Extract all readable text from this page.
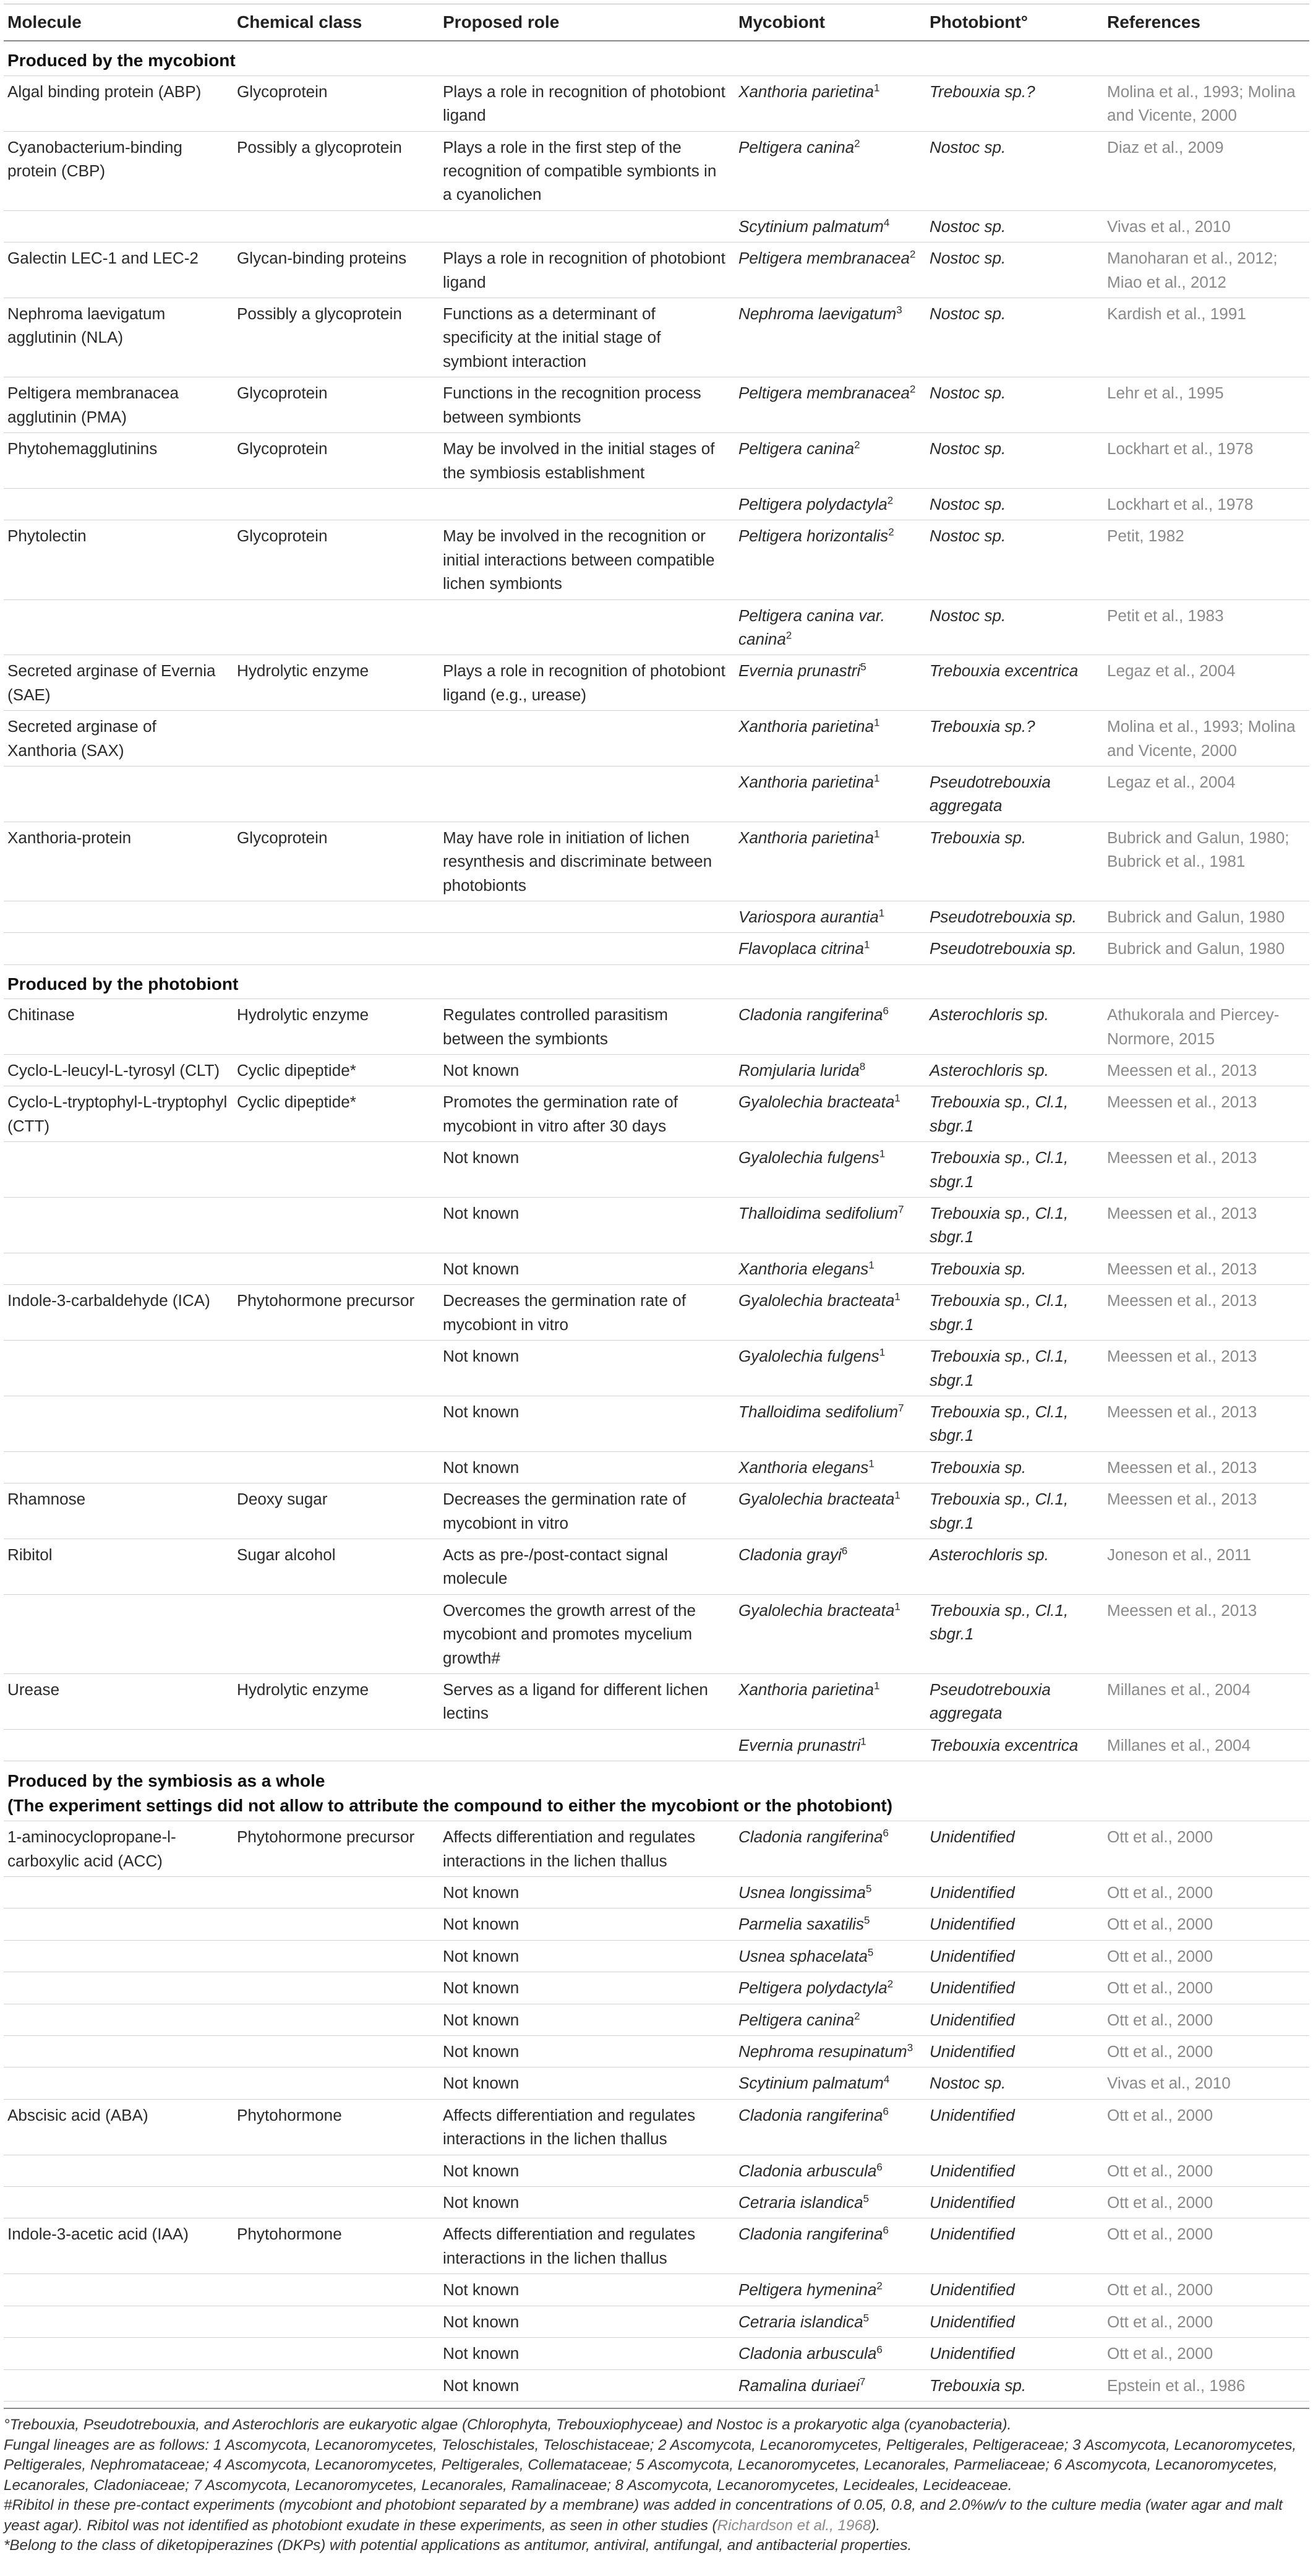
Molecule	Chemical class	Proposed role	Mycobiont	Photobiont°	References
Produced by the mycobiont					
Algal binding protein (ABP)	Glycoprotein	Plays a role in recognition of photobiont ligand	Xanthoria parietina$^1$	Trebouxia sp.?	Molina et al., 1993; Molina and Vicente, 2000
Cyanobacterium-binding protein (CBP)	Possibly a glycoprotein	Plays a role in the first step of the recognition of compatible symbionts in a cyanolichen	Peltigera canina$^2$	Nostoc sp.	Diaz et al., 2009
			Scytinium palmatum$^4$	Nostoc sp.	Vivas et al., 2010
Galectin LEC-1 and LEC-2	Glycan-binding proteins	Plays a role in recognition of photobiont ligand	Peltigera membranacea$^2$	Nostoc sp.	Manoharan et al., 2012; Miao et al., 2012
Nephroma laevigatum agglutinin (NLA)	Possibly a glycoprotein	Functions as a determinant of specificity at the initial stage of symbiont interaction	Nephroma laevigatum$^3$	Nostoc sp.	Kardish et al., 1991
Peltigera membranacea agglutinin (PMA)	Glycoprotein	Functions in the recognition process between symbionts	Peltigera membranacea$^2$	Nostoc sp.	Lehr et al., 1995
Phytohemagglutinins	Glycoprotein	May be involved in the initial stages of the symbiosis establishment	Peltigera canina$^2$	Nostoc sp.	Lockhart et al., 1978
			Peltigera polydactyla$^2$	Nostoc sp.	Lockhart et al., 1978
Phytolectin	Glycoprotein	May be involved in the recognition or initial interactions between compatible lichen symbionts	Peltigera horizontalis$^2$	Nostoc sp.	Petit, 1982
			Peltigera canina var. canina$^2$	Nostoc sp.	Petit et al., 1983
Secreted arginase of Evernia (SAE)	Hydrolytic enzyme	Plays a role in recognition of photobiont ligand (e.g., urease)	Evernia prunastri$^5$	Trebouxia excentrica	Legaz et al., 2004
Secreted arginase of Xanthoria (SAX)			Xanthoria parietina$^1$	Trebouxia sp.?	Molina et al., 1993; Molina and Vicente, 2000
			Xanthoria parietina$^1$	Pseudotrebouxia aggregata	Legaz et al., 2004
Xanthoria-protein	Glycoprotein	May have role in initiation of lichen resynthesis and discriminate between photobionts	Xanthoria parietina$^1$	Trebouxia sp.	Bubrick and Galun, 1980; Bubrick et al., 1981
			Variospora aurantia$^1$	Pseudotrebouxia sp.	Bubrick and Galun, 1980
			Flavoplaca citrina$^1$	Pseudotrebouxia sp.	Bubrick and Galun, 1980
Produced by the photobiont					
Chitinase	Hydrolytic enzyme	Regulates controlled parasitism between the symbionts	Cladonia rangiferina$^6$	Asterochloris sp.	Athukorala and Piercey-Normore, 2015
Cyclo-L-leucyl-L-tyrosyl (CLT)	Cyclic dipeptide*	Not known	Romjularia lurida$^8$	Asterochloris sp.	Meessen et al., 2013
Cyclo-L-tryptophyl-L-tryptophyl (CTT)	Cyclic dipeptide*	Promotes the germination rate of mycobiont in vitro after 30 days	Gyalolechia bracteata$^1$	Trebouxia sp., Cl.1, sbgr.1	Meessen et al., 2013
		Not known	Gyalolechia fulgens$^1$	Trebouxia sp., Cl.1, sbgr.1	Meessen et al., 2013
		Not known	Thalloidima sedifolium$^7$	Trebouxia sp., Cl.1, sbgr.1	Meessen et al., 2013
		Not known	Xanthoria elegans$^1$	Trebouxia sp.	Meessen et al., 2013
Indole-3-carbaldehyde (ICA)	Phytohormone precursor	Decreases the germination rate of mycobiont in vitro	Gyalolechia bracteata$^1$	Trebouxia sp., Cl.1, sbgr.1	Meessen et al., 2013
		Not known	Gyalolechia fulgens$^1$	Trebouxia sp., Cl.1, sbgr.1	Meessen et al., 2013
		Not known	Thalloidima sedifolium$^7$	Trebouxia sp., Cl.1, sbgr.1	Meessen et al., 2013
		Not known	Xanthoria elegans$^1$	Trebouxia sp.	Meessen et al., 2013
Rhamnose	Deoxy sugar	Decreases the germination rate of mycobiont in vitro	Gyalolechia bracteata$^1$	Trebouxia sp., Cl.1, sbgr.1	Meessen et al., 2013
Ribitol	Sugar alcohol	Acts as pre-/post-contact signal molecule	Cladonia grayi$^6$	Asterochloris sp.	Joneson et al., 2011
		Overcomes the growth arrest of the mycobiont and promotes mycelium growth#	Gyalolechia bracteata$^1$	Trebouxia sp., Cl.1, sbgr.1	Meessen et al., 2013
Urease	Hydrolytic enzyme	Serves as a ligand for different lichen lectins	Xanthoria parietina$^1$	Pseudotrebouxia aggregata	Millanes et al., 2004
			Evernia prunastri$^1$	Trebouxia excentrica	Millanes et al., 2004
Produced by the symbiosis as a whole
(The experiment settings did not allow to attribute the compound to either the mycobiont or the photobiont)					
1-aminocyclopropane-l-carboxylic acid (ACC)	Phytohormone precursor	Affects differentiation and regulates interactions in the lichen thallus	Cladonia rangiferina$^6$	Unidentified	Ott et al., 2000
		Not known	Usnea longissima$^5$	Unidentified	Ott et al., 2000
		Not known	Parmelia saxatilis$^5$	Unidentified	Ott et al., 2000
		Not known	Usnea sphacelata$^5$	Unidentified	Ott et al., 2000
		Not known	Peltigera polydactyla$^2$	Unidentified	Ott et al., 2000
		Not known	Peltigera canina$^2$	Unidentified	Ott et al., 2000
		Not known	Nephroma resupinatum$^3$	Unidentified	Ott et al., 2000
		Not known	Scytinium palmatum$^4$	Nostoc sp.	Vivas et al., 2010
Abscisic acid (ABA)	Phytohormone	Affects differentiation and regulates interactions in the lichen thallus	Cladonia rangiferina$^6$	Unidentified	Ott et al., 2000
		Not known	Cladonia arbuscula$^6$	Unidentified	Ott et al., 2000
		Not known	Cetraria islandica$^5$	Unidentified	Ott et al., 2000
Indole-3-acetic acid (IAA)	Phytohormone	Affects differentiation and regulates interactions in the lichen thallus	Cladonia rangiferina$^6$	Unidentified	Ott et al., 2000
		Not known	Peltigera hymenina$^2$	Unidentified	Ott et al., 2000
		Not known	Cetraria islandica$^5$	Unidentified	Ott et al., 2000
		Not known	Cladonia arbuscula$^6$	Unidentified	Ott et al., 2000
		Not known	Ramalina duriaei$^7$	Trebouxia sp.	Epstein et al., 1986

°Trebouxia, Pseudotrebouxia, and Asterochloris are eukaryotic algae (Chlorophyta, Trebouxiophyceae) and Nostoc is a prokaryotic alga (cyanobacteria).

Fungal lineages are as follows: 1 Ascomycota, Lecanoromycetes, Teloschistales, Teloschistaceae; 2 Ascomycota, Lecanoromycetes, Peltigerales, Peltigeraceae; 3 Ascomycota, Lecanoromycetes, Peltigerales, Nephromataceae; 4 Ascomycota, Lecanoromycetes, Peltigerales, Collemataceae; 5 Ascomycota, Lecanoromycetes, Lecanorales, Parmeliaceae; 6 Ascomycota, Lecanoromycetes, Lecanorales, Cladoniaceae; 7 Ascomycota, Lecanoromycetes, Lecanorales, Ramalinaceae; 8 Ascomycota, Lecanoromycetes, Lecideales, Lecideaceae.

#Ribitol in these pre-contact experiments (mycobiont and photobiont separated by a membrane) was added in concentrations of 0.05, 0.8, and 2.0%w/v to the culture media (water agar and malt yeast agar). Ribitol was not identified as photobiont exudate in these experiments, as seen in other studies (Richardson et al., 1968).

*Belong to the class of diketopiperazines (DKPs) with potential applications as antitumor, antiviral, antifungal, and antibacterial properties.
